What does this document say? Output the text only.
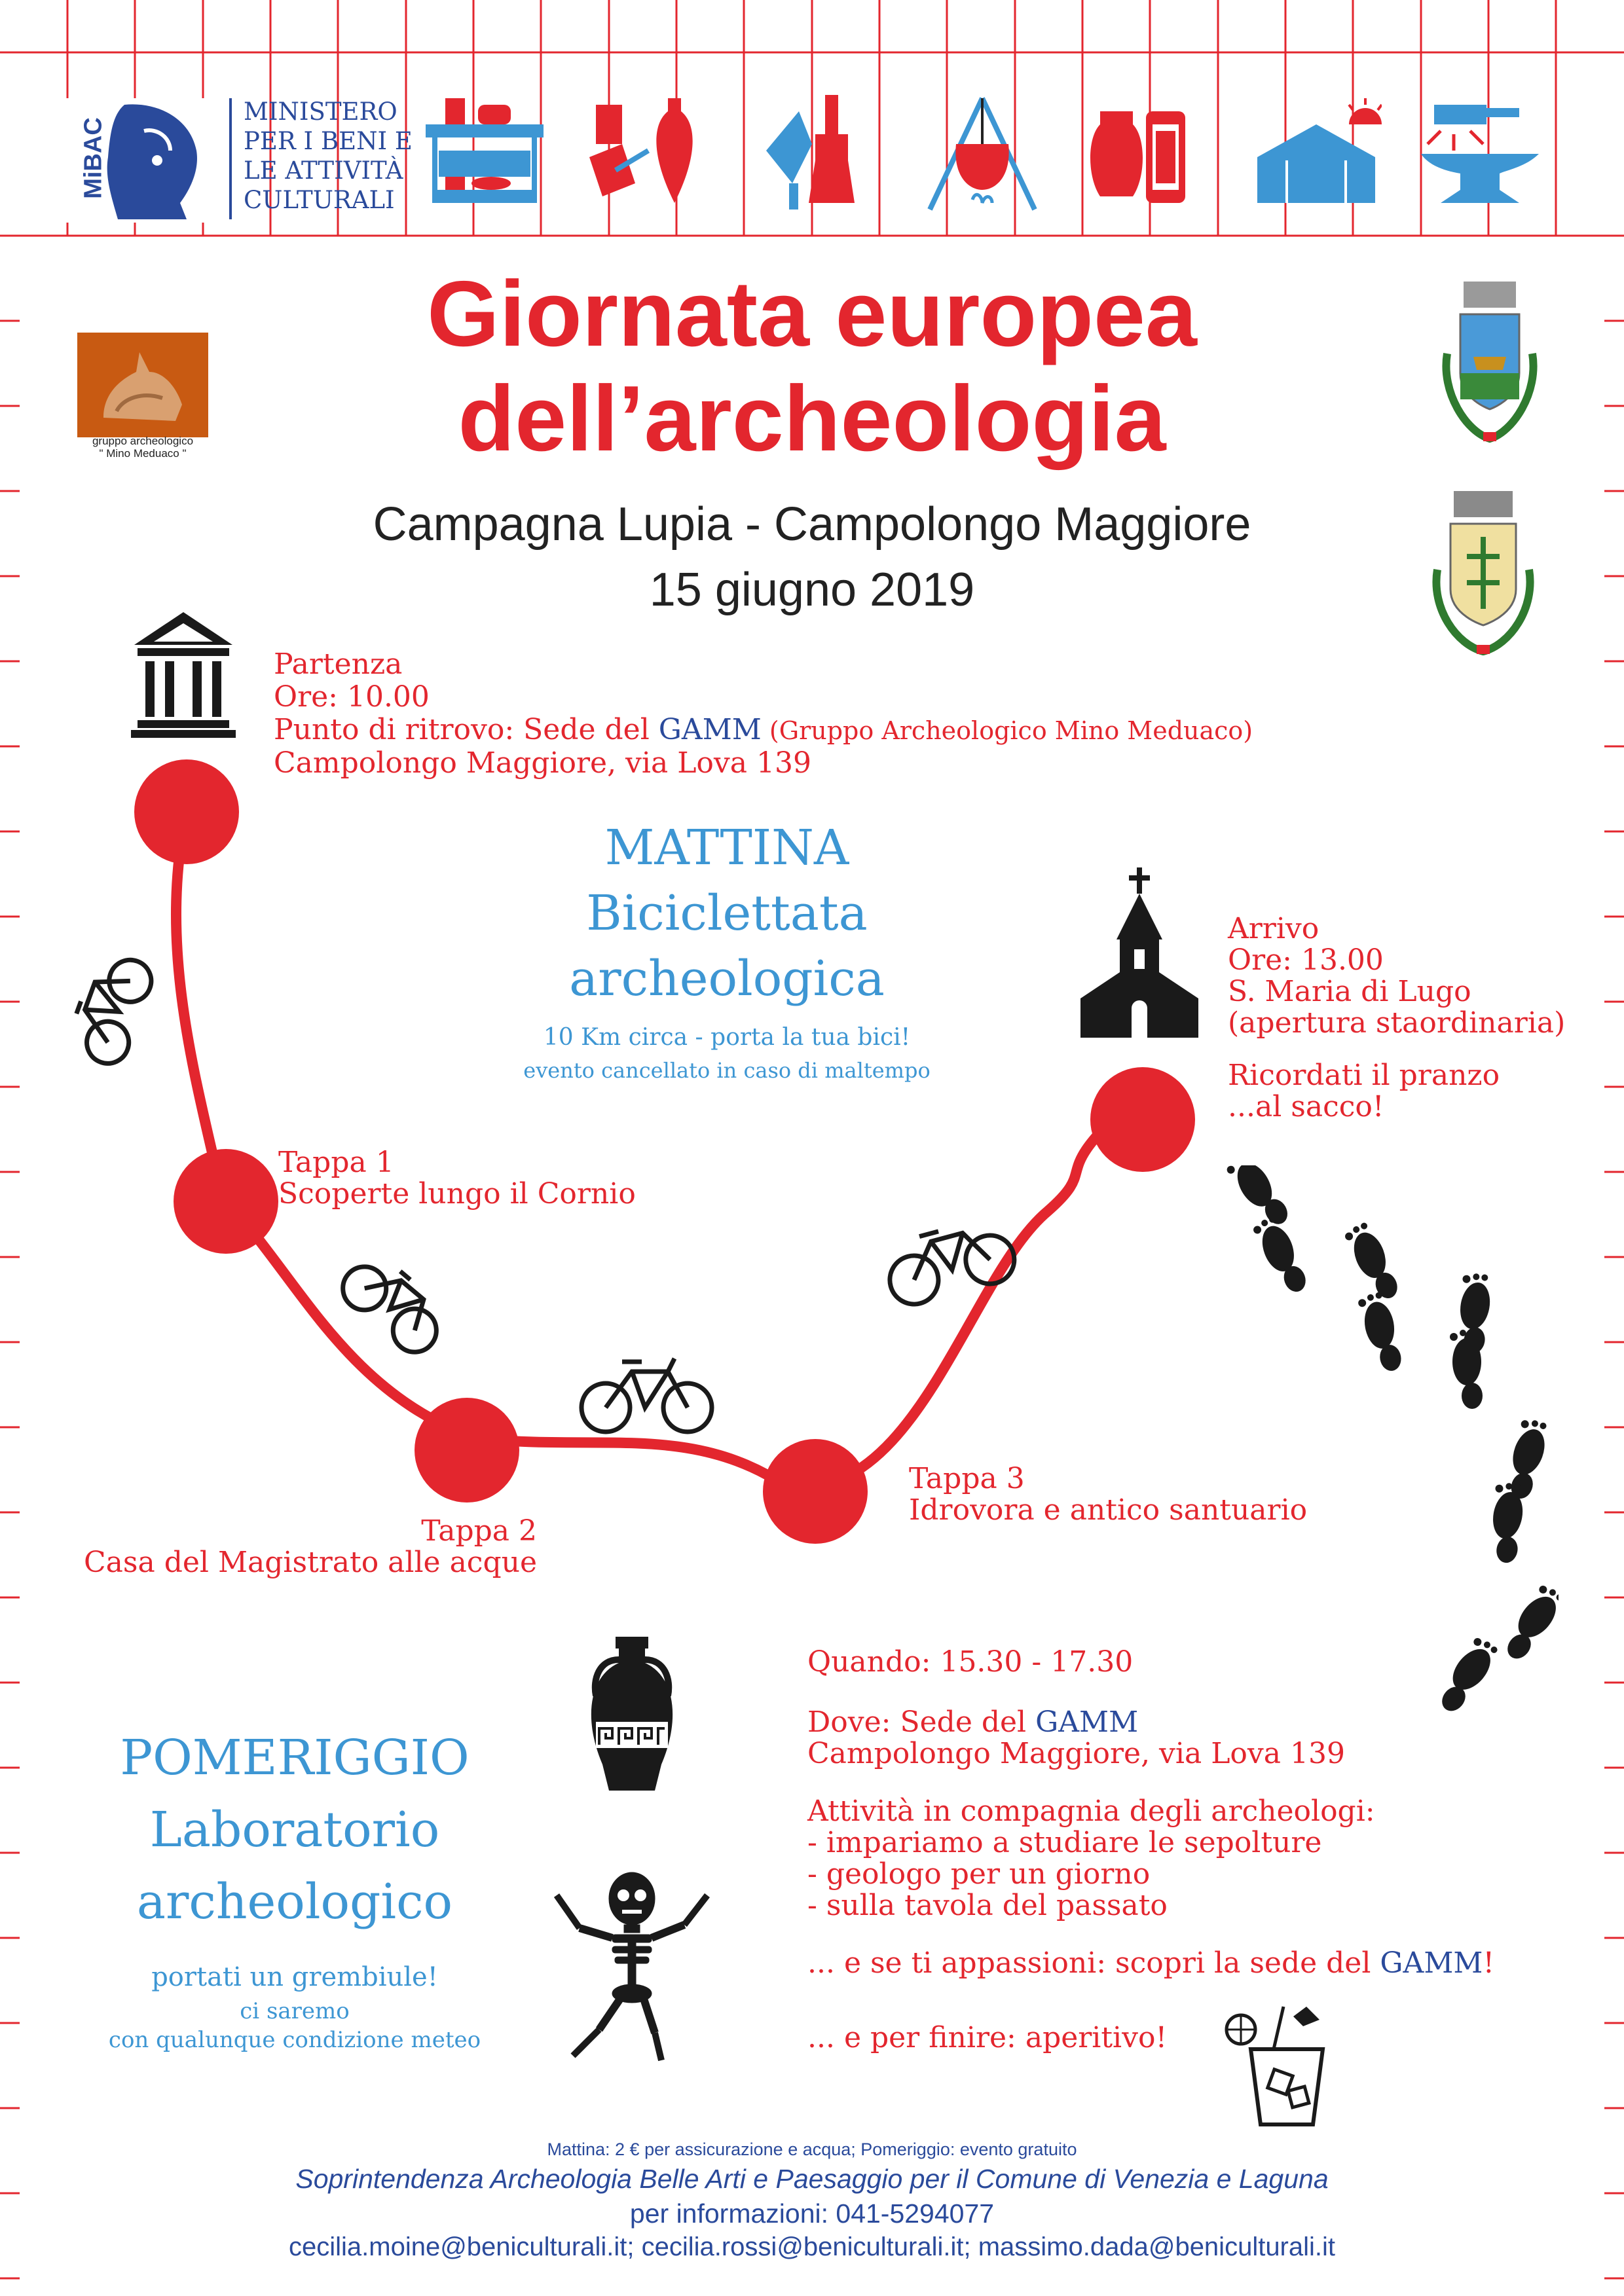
MiBAC
MINISTERO
PER I BENI E
LE ATTIVITÀ
CULTURALI
gruppo archeologico
" Mino Meduaco "
Giornata europea
dell’archeologia
Campagna Lupia - Campolongo Maggiore
15 giugno 2019
Partenza
Ore: 10.00
Punto di ritrovo: Sede del GAMM (Gruppo Archeologico Mino Meduaco)
Campolongo Maggiore, via Lova 139
MATTINA
Biciclettata
archeologica
10 Km circa - porta la tua bici!
evento cancellato in caso di maltempo
Arrivo
Ore: 13.00
S. Maria di Lugo
(apertura staordinaria)
Ricordati il pranzo
...al sacco!
Tappa 1
Scoperte lungo il Cornio
Tappa 2
Casa del Magistrato alle acque
Tappa 3
Idrovora e antico santuario
POMERIGGIO
Laboratorio
archeologico
portati un grembiule!
ci saremo
con qualunque condizione meteo
Quando: 15.30 - 17.30
Dove: Sede del GAMM
Campolongo Maggiore, via Lova 139
Attività in compagnia degli archeologi:
- impariamo a studiare le sepolture
- geologo per un giorno
- sulla tavola del passato
... e se ti appassioni: scopri la sede del GAMM!
... e per finire: aperitivo!
Mattina: 2 € per assicurazione e acqua; Pomeriggio: evento gratuito
Soprintendenza Archeologia Belle Arti e Paesaggio per il Comune di Venezia e Laguna
per informazioni: 041-5294077
cecilia.moine@beniculturali.it; cecilia.rossi@beniculturali.it; massimo.dada@beniculturali.it
